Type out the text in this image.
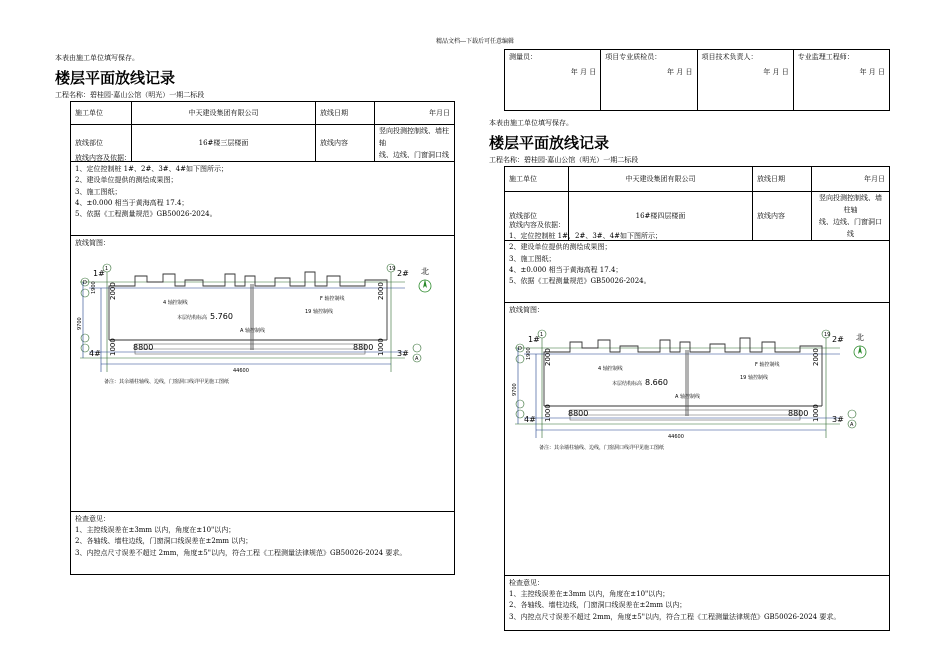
精品文档---下载后可任意编辑
本表由施工单位填写保存。
楼层平面放线记录
工程名称：碧桂园·嘉山公馆（明光）一期二标段
施工单位	中天建设集团有限公司	放线日期	年月日
放线部位	16#楼三层楼面	放线内容	竖向投测控制线、墙柱轴
线、边线、门窗洞口线
放线内容及依据：
1、定位控制桩 1#、2#、3#、4#如下图所示；
2、建设单位提供的测绘成果图；
3、施工图纸；
4、±0.000 相当于黄海高程 17.4；
5、依据《工程测量规范》GB50026-2024。
放线简图：
检查意见：
1、主控线误差在±3mm 以内，角度在±10"以内；
2、各轴线、墙柱边线，门窗洞口线误差在±2mm 以内；
3、内控点尺寸误差不超过 2mm，角度±5"以内，符合工程《工程测量法律规范》GB50026-2024 要求。
测量员：
年 月 日

项目专业质检员：
年 月 日

项目技术负责人：
年 月 日

专业监理工程师：
年 月 日
本表由施工单位填写保存。
楼层平面放线记录
工程名称：碧桂园·嘉山公馆（明光）一期二标段
施工单位	中天建设集团有限公司	放线日期	年月日
放线部位	16#楼四层楼面	放线内容	竖向投测控制线、墙柱轴
线、边线、门窗洞口线
放线内容及依据：
1、定位控制桩 1#、2#、3#、4#如下图所示；
2、建设单位提供的测绘成果图；
3、施工图纸；
4、±0.000 相当于黄海高程 17.4；
5、依据《工程测量规范》GB50026-2024。
放线简图：
检查意见：
1、主控线误差在±3mm 以内，角度在±10"以内；
2、各轴线、墙柱边线，门窗洞口线误差在±2mm 以内；
3、内控点尺寸误差不超过 2mm，角度±5"以内，符合工程《工程测量法律规范》GB50026-2024 要求。
1	19
D
A
4 轴控制线
F 轴控制线
A 轴控制线
19 轴控制线
本层结构标高
备注：其余墙柱轴线、边线，门窗洞口线详甲见施工图纸
1#	2#
3#
4#
8800	8800
5.760
44600
9700
2000	2000
1000	1000
1900
北
1	19
D
A
4 轴控制线
F 轴控制线
A 轴控制线
19 轴控制线
本层结构标高
备注：其余墙柱轴线、边线，门窗洞口线详甲见施工图纸
1#	2#
3#
4#
8800	8800
8.660
44600
9700
2000	2000
1000	1000
1900
北
